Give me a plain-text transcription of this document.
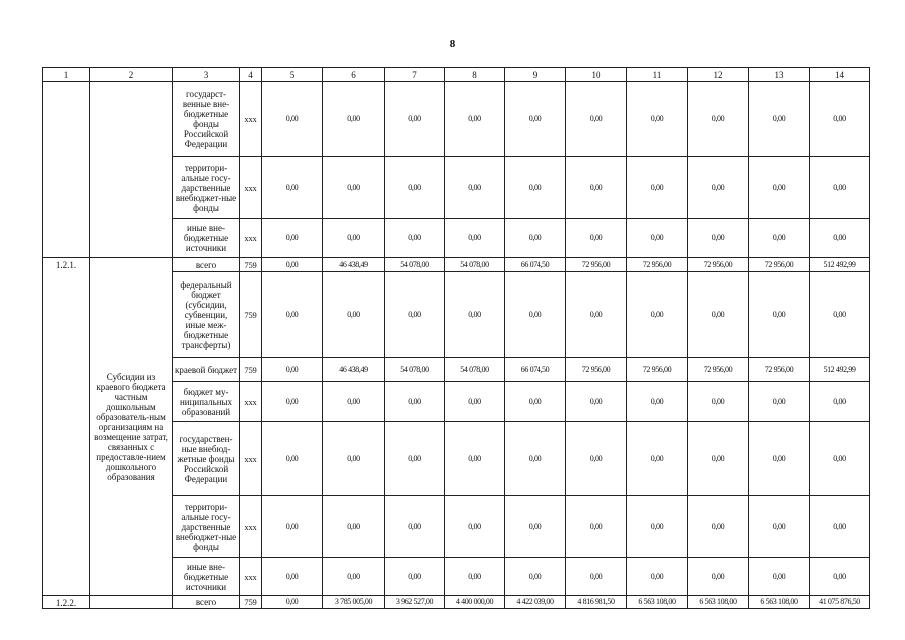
8
1	2	3	4	5	6	7	8	9	10	11	12	13	14
		государст-венные вне-бюджетные фонды Российской Федерации	ххх	0,00	0,00	0,00	0,00	0,00	0,00	0,00	0,00	0,00	0,00
		территори-альные госу-дарственные внебюджет-ные фонды	ххх	0,00	0,00	0,00	0,00	0,00	0,00	0,00	0,00	0,00	0,00
		иные вне-бюджетные источники	ххх	0,00	0,00	0,00	0,00	0,00	0,00	0,00	0,00	0,00	0,00
1.2.1.	Субсидии из краевого бюджета частным дошкольным образователь-ным организациям на возмещение затрат, связанных с предоставле-нием дошкольного образования	всего	759	0,00	46 438,49	54 078,00	54 078,00	66 074,50	72 956,00	72 956,00	72 956,00	72 956,00	512 492,99
		федеральный бюджет (субсидии, субвенции, иные меж-бюджетные трансферты)	759	0,00	0,00	0,00	0,00	0,00	0,00	0,00	0,00	0,00	0,00
		краевой бюджет	759	0,00	46 438,49	54 078,00	54 078,00	66 074,50	72 956,00	72 956,00	72 956,00	72 956,00	512 492,99
		бюджет му-ниципальных образований	ххх	0,00	0,00	0,00	0,00	0,00	0,00	0,00	0,00	0,00	0,00
		государствен-ные внебюд-жетные фонды Российской Федерации	ххх	0,00	0,00	0,00	0,00	0,00	0,00	0,00	0,00	0,00	0,00
		территори-альные госу-дарственные внебюджет-ные фонды	ххх	0,00	0,00	0,00	0,00	0,00	0,00	0,00	0,00	0,00	0,00
		иные вне-бюджетные источники	ххх	0,00	0,00	0,00	0,00	0,00	0,00	0,00	0,00	0,00	0,00
1.2.2.		всего	759	0,00	3 785 005,00	3 962 527,00	4 400 000,00	4 422 039,00	4 816 981,50	6 563 108,00	6 563 108,00	6 563 108,00	41 075 876,50
